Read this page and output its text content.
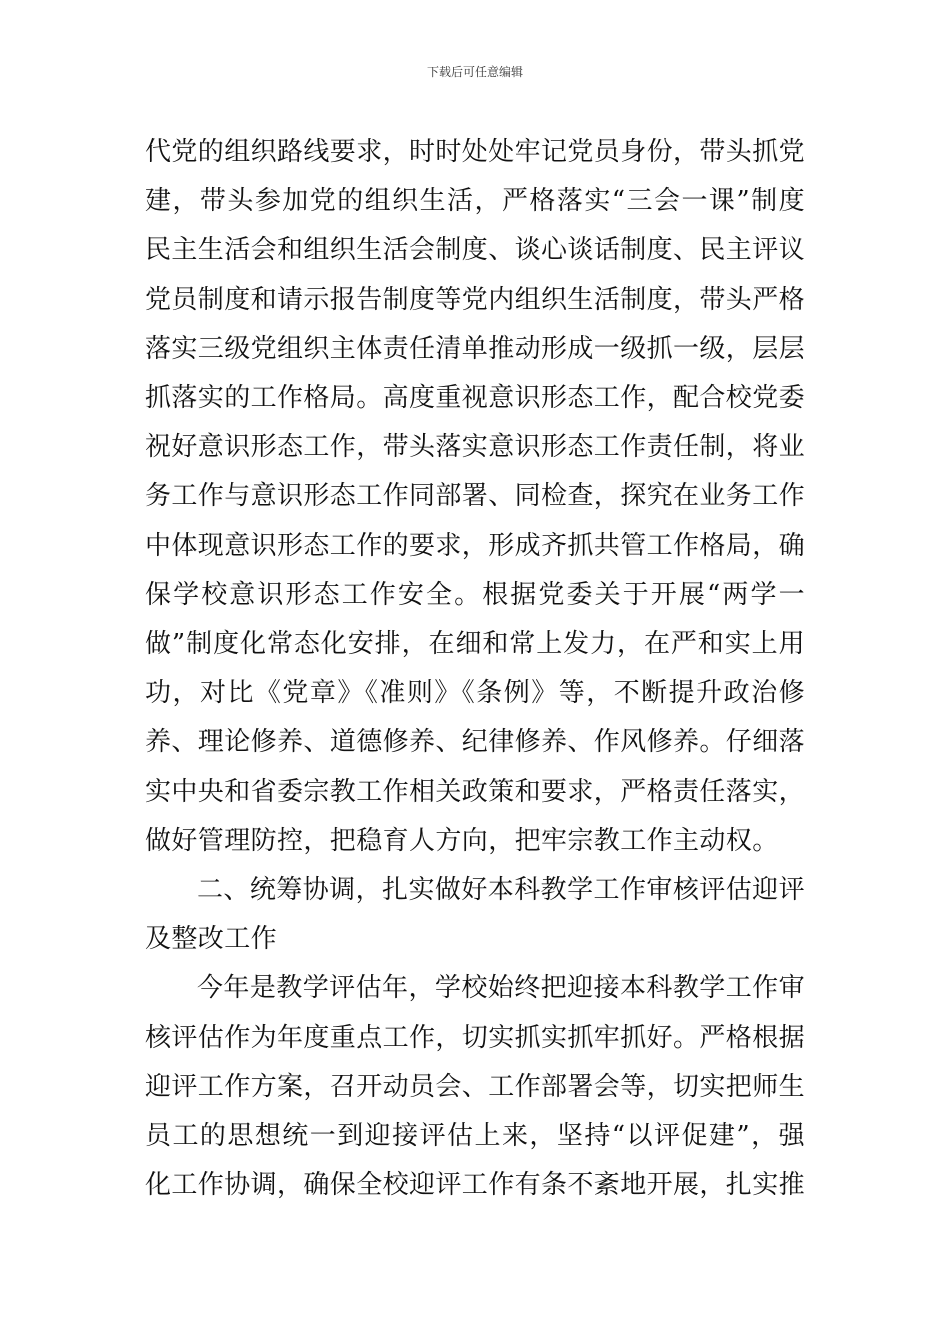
下载后可任意编辑

代党的组织路线要求，时时处处牢记党员身份，带头抓党建，带头参加党的组织生活，严格落实“三会一课”制度民主生活会和组织生活会制度、谈心谈话制度、民主评议党员制度和请示报告制度等党内组织生活制度，带头严格落实三级党组织主体责任清单推动形成一级抓一级，层层抓落实的工作格局。高度重视意识形态工作，配合校党委祝好意识形态工作，带头落实意识形态工作责任制，将业务工作与意识形态工作同部署、同检查，探究在业务工作中体现意识形态工作的要求，形成齐抓共管工作格局，确保学校意识形态工作安全。根据党委关于开展“两学一做”制度化常态化安排，在细和常上发力，在严和实上用功，对比《党章》《准则》《条例》等，不断提升政治修养、理论修养、道德修养、纪律修养、作风修养。仔细落实中央和省委宗教工作相关政策和要求，严格责任落实，做好管理防控，把稳育人方向，把牢宗教工作主动权。

二、统筹协调，扎实做好本科教学工作审核评估迎评及整改工作

今年是教学评估年，学校始终把迎接本科教学工作审核评估作为年度重点工作，切实抓实抓牢抓好。严格根据迎评工作方案，召开动员会、工作部署会等，切实把师生员工的思想统一到迎接评估上来，坚持“以评促建”，强化工作协调，确保全校迎评工作有条不紊地开展，扎实推
